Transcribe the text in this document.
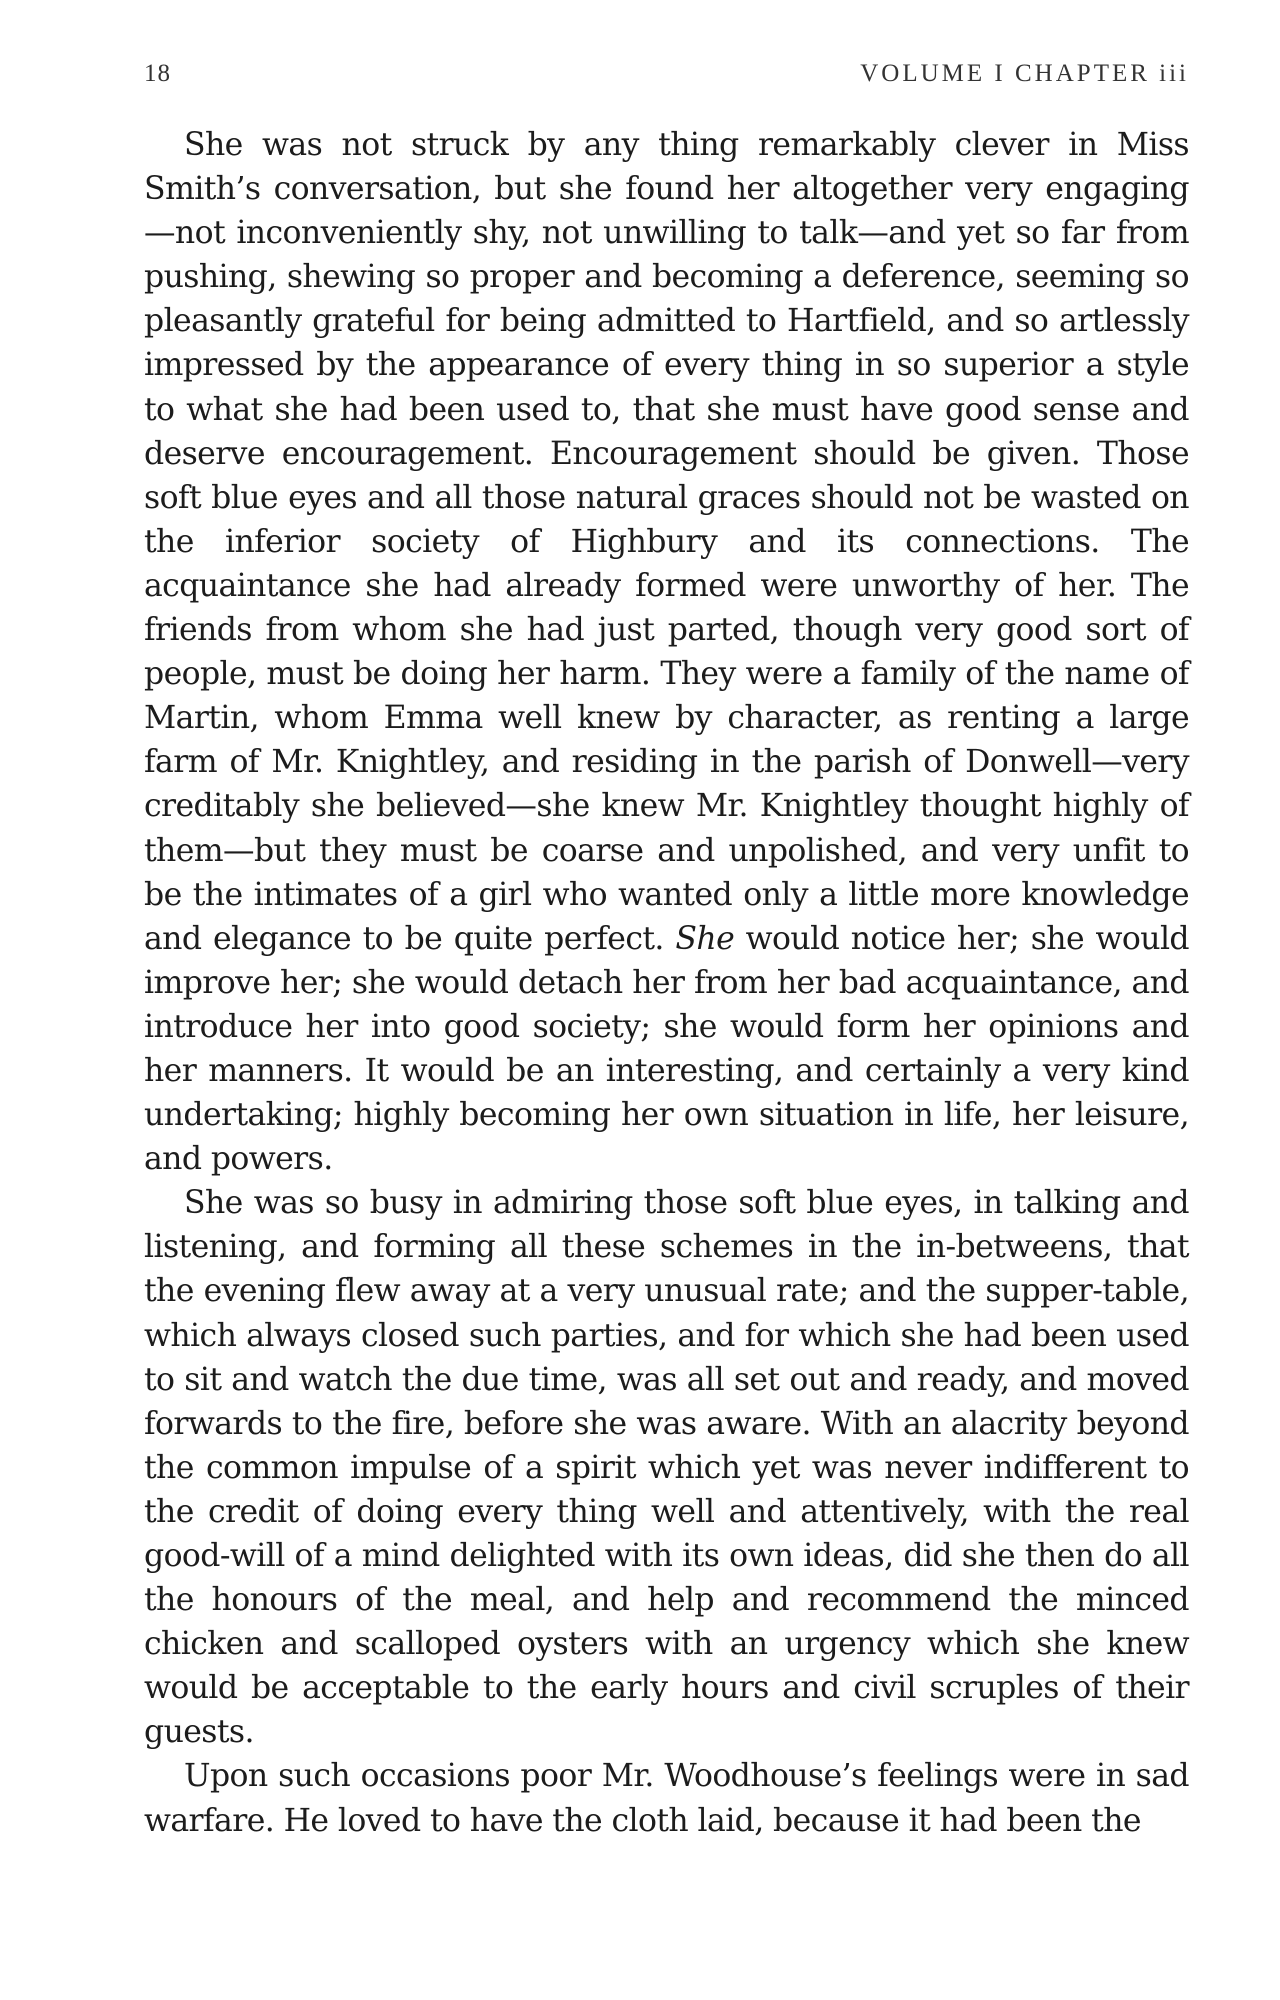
18	VOLUME I CHAPTER iii

She was not struck by any thing remarkably clever in Miss Smith’s conversation, but she found her altogether very engaging—not inconveniently shy, not unwilling to talk—and yet so far from pushing, shewing so proper and becoming a deference, seeming so pleasantly grateful for being admitted to Hartfield, and so artlessly impressed by the appearance of every thing in so superior a style to what she had been used to, that she must have good sense and deserve encouragement. Encouragement should be given. Those soft blue eyes and all those natural graces should not be wasted on the inferior society of Highbury and its connections. The acquaintance she had already formed were unworthy of her. The friends from whom she had just parted, though very good sort of people, must be doing her harm. They were a family of the name of Martin, whom Emma well knew by character, as renting a large farm of Mr. Knightley, and residing in the parish of Donwell—very creditably she believed—she knew Mr. Knightley thought highly of them—but they must be coarse and unpolished, and very unfit to be the intimates of a girl who wanted only a little more knowledge and elegance to be quite perfect. She would notice her; she would improve her; she would detach her from her bad acquaintance, and introduce her into good society; she would form her opinions and her manners. It would be an interesting, and certainly a very kind undertaking; highly becoming her own situation in life, her leisure, and powers.

She was so busy in admiring those soft blue eyes, in talking and listening, and forming all these schemes in the in-betweens, that the evening flew away at a very unusual rate; and the supper-table, which always closed such parties, and for which she had been used to sit and watch the due time, was all set out and ready, and moved forwards to the fire, before she was aware. With an alacrity beyond the common impulse of a spirit which yet was never indifferent to the credit of doing every thing well and attentively, with the real good-will of a mind delighted with its own ideas, did she then do all the honours of the meal, and help and recommend the minced chicken and scalloped oysters with an urgency which she knew would be acceptable to the early hours and civil scruples of their guests.

Upon such occasions poor Mr. Woodhouse’s feelings were in sad warfare. He loved to have the cloth laid, because it had been the
